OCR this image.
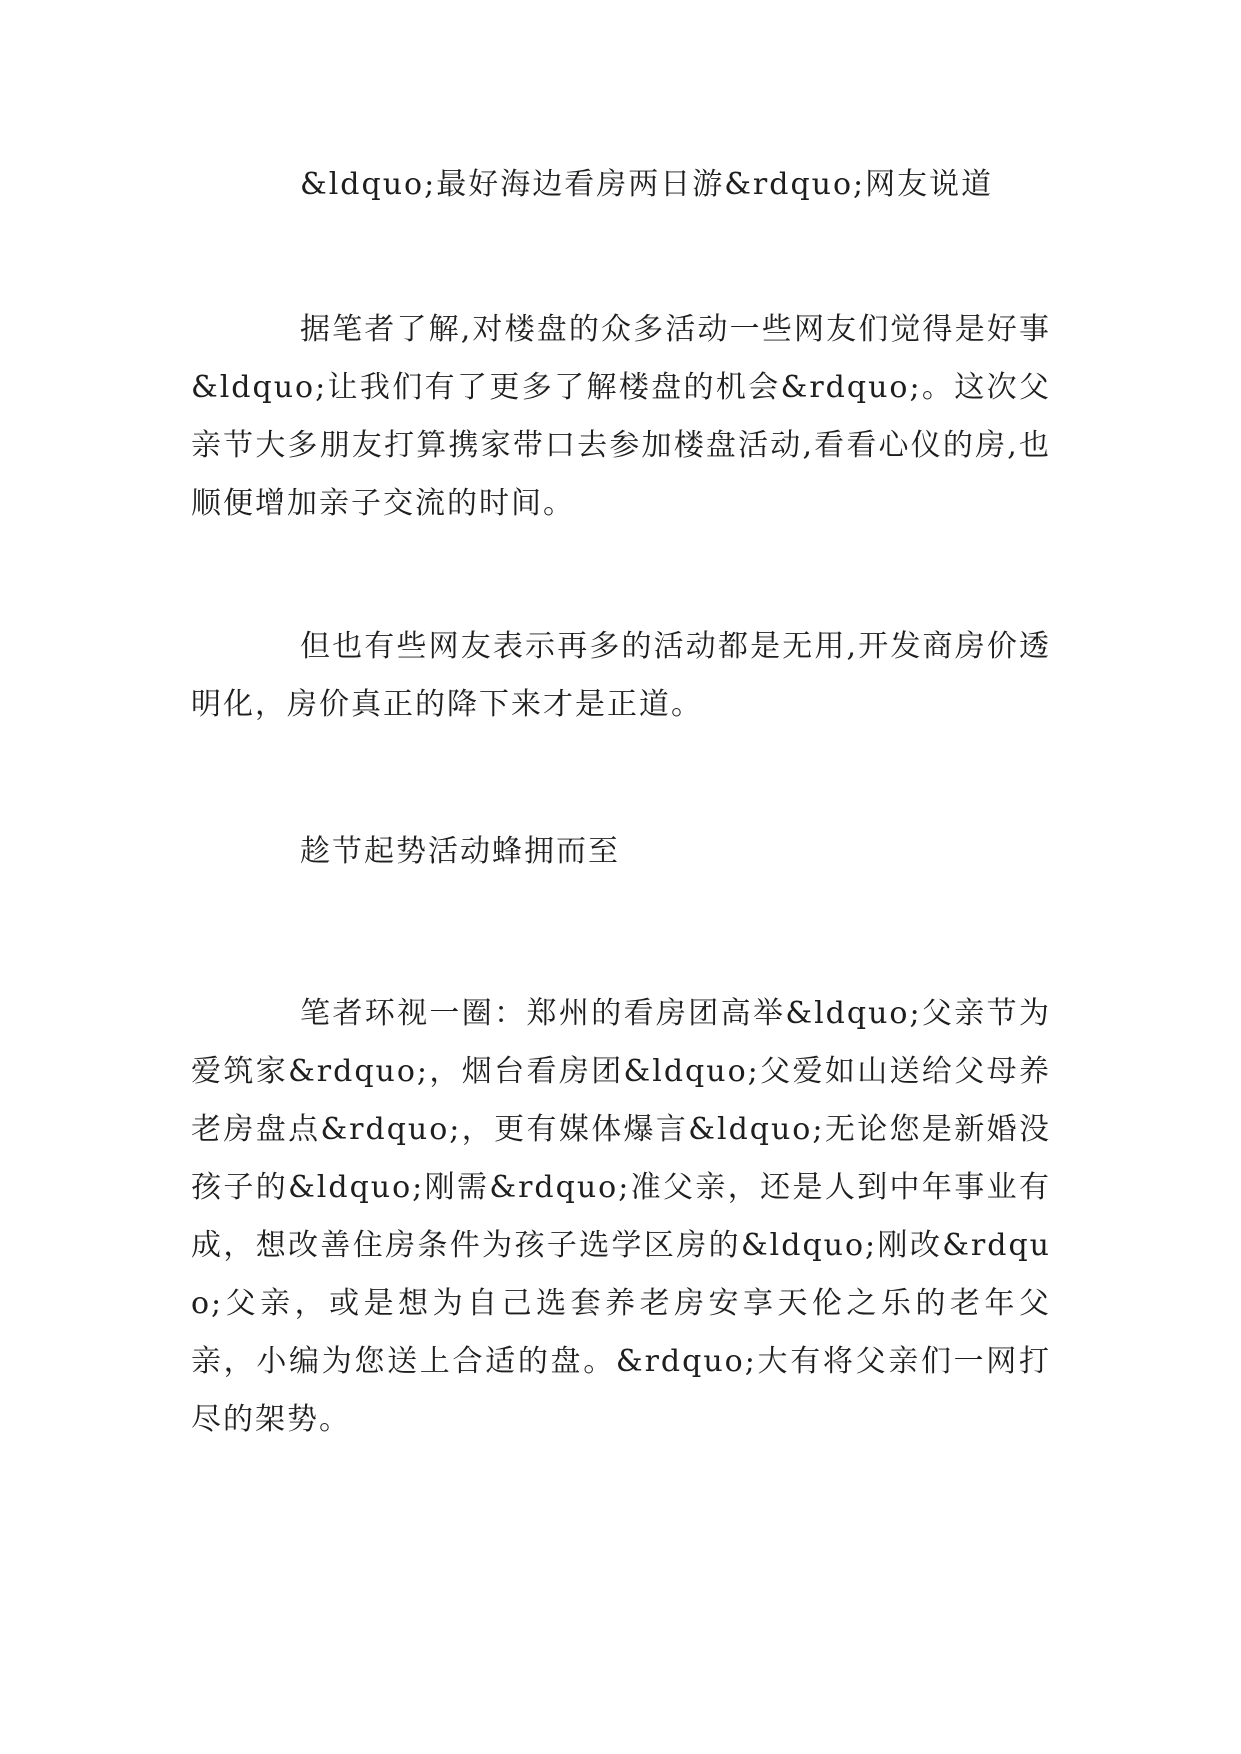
&ldquo;最好海边看房两日游&rdquo;网友说道

据笔者了解,对楼盘的众多活动一些网友们觉得是好事&ldquo;让我们有了更多了解楼盘的机会&rdquo;。这次父亲节大多朋友打算携家带口去参加楼盘活动,看看心仪的房,也顺便增加亲子交流的时间。

但也有些网友表示再多的活动都是无用,开发商房价透明化，房价真正的降下来才是正道。

趁节起势活动蜂拥而至

笔者环视一圈：郑州的看房团高举&ldquo;父亲节为爱筑家&rdquo;，烟台看房团&ldquo;父爱如山送给父母养老房盘点&rdquo;，更有媒体爆言&ldquo;无论您是新婚没孩子的&ldquo;刚需&rdquo;准父亲，还是人到中年事业有成，想改善住房条件为孩子选学区房的&ldquo;刚改&rdquo;父亲，或是想为自己选套养老房安享天伦之乐的老年父亲，小编为您送上合适的盘。&rdquo;大有将父亲们一网打尽的架势。
